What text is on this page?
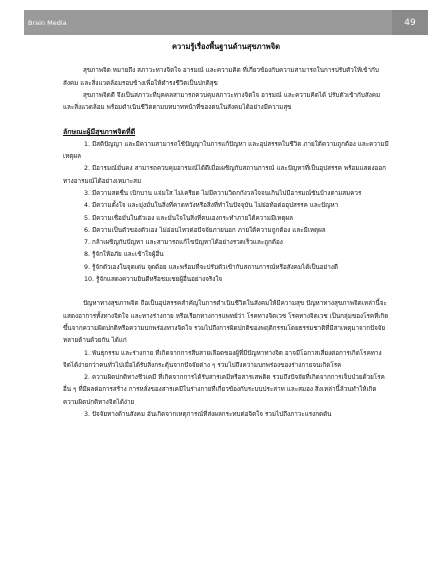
Brain Media	49

ความรู้เรื่องพื้นฐานด้านสุขภาพจิต

สุขภาพจิต หมายถึง สภาวะทางจิตใจ อารมณ์ และความคิด ที่เกี่ยวข้องกับความสามารถในการปรับตัวให้เข้ากับสังคม และสิ่งแวดล้อมรอบข้างเพื่อให้ดำรงชีวิตเป็นปกติสุข

สุขภาพจิตดี จึงเป็นสภาวะที่บุคคลสามารถควบคุมสภาวะทางจิตใจ อารมณ์ และความคิดได้ ปรับตัวเข้ากับสังคม และสิ่งแวดล้อม พร้อมดำเนินชีวิตตามบทบาทหน้าที่ของตนในสังคมได้อย่างมีความสุข

ลักษณะผู้มีสุขภาพจิตที่ดี

1. มีสติปัญญา และมีความสามารถใช้ปัญญาในการแก้ปัญหา และอุปสรรคในชีวิต ภายใต้ความถูกต้อง และความมีเหตุผล

2. มีอารมณ์มั่นคง สามารถควบคุมอารมณ์ได้ดีเมื่อเผชิญกับสถานการณ์ และปัญหาที่เป็นอุปสรรค พร้อมแสดงออกทางอารมณ์ได้อย่างเหมาะสม

3. มีความสดชื่น เบิกบาน แจ่มใส ไม่เครียด ไม่มีความวิตกกังวลใจจนเกินไปมีอารมณ์ขันบ้างตามสมควร

4. มีความตั้งใจ และมุ่งมั่นในสิ่งที่คาดหวังหรือสิ่งที่ทำในปัจจุบัน ไม่ย่อท้อต่ออุปสรรค และปัญหา

5. มีความเชื่อมั่นในตัวเอง และมั่นใจในสิ่งที่ตนเองกระทำภายใต้ความมีเหตุผล

6. มีความเป็นตัวของตัวเอง ไม่อ่อนไหวต่อปัจจัยภายนอก ภายใต้ความถูกต้อง และมีเหตุผล

7. กล้าเผชิญกับปัญหา และสามารถแก้ไขปัญหาได้อย่างรวดเร็วและถูกต้อง

8. รู้จักให้อภัย และเข้าใจผู้อื่น

9. รู้จักตัวเองในจุดเด่น จุดด้อย และพร้อมที่จะปรับตัวเข้ากับสถานการณ์หรือสังคมได้เป็นอย่างดี

10. รู้จักแสดงความยินดีหรือชมเชยผู้อื่นอย่างจริงใจ

ปัญหาทางสุขภาพจิต ถือเป็นอุปสรรคสำคัญในการดำเนินชีวิตในสังคมให้มีความสุข ปัญหาทางสุขภาพจิตเหล่านี้จะแสดงอาการทั้งทางจิตใจ และทางร่างกาย หรือเรียกทางการแพทย์ว่า โรคทางจิตเวช โรคทางจิตเวช เป็นกลุ่มของโรคที่เกิดขึ้นจากความผิดปกติหรือความบกพร่องทางจิตใจ รวมไปถึงการผิดปกติของพฤติกรรมโดยธรรมชาติที่มีสาเหตุมาจากปัจจัยหลายด้านด้วยกัน ได้แก่

1. พันธุกรรม และร่างกาย ที่เกิดจากการสืบสายเลือดของผู้ที่มีปัญหาทางจิต อาจมีโอกาสเสี่ยงต่อการเกิดโรคทางจิตได้ง่ายกว่าคนทั่วไปเมื่อได้รับสิ่งกระตุ้นจากปัจจัยต่าง ๆ รวมไปถึงความบกพร่องของร่างกายจนเกิดโรค

2. ความผิดปกติทางชีวเคมี ที่เกิดจากการได้รับสารเคมีหรือสารเสพติด รวมถึงปัจจัยที่เกิดจากการเจ็บป่วยด้วยโรคอื่น ๆ ที่มีผลต่อการสร้าง การหลั่งของสารเคมีในร่างกายที่เกี่ยวข้องกับระบบประสาท และสมอง สิ่งเหล่านี้ล้วนทำให้เกิดความผิดปกติทางจิตได้ง่าย

3. ปัจจัยทางด้านสังคม อันเกิดจากเหตุการณ์ที่ส่งผลกระทบต่อจิตใจ รวมไปถึงภาวะแรงกดดัน
